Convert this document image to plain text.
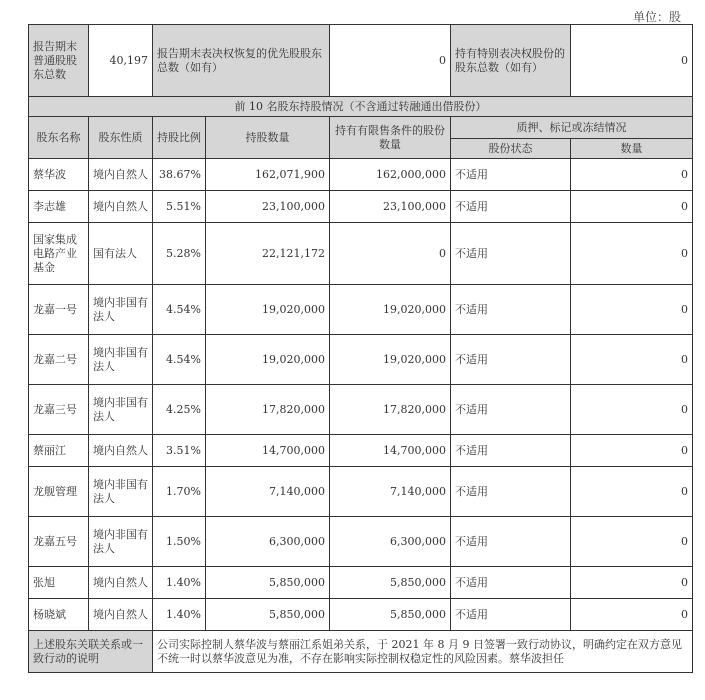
单位：股
报告期末普通股股东总数	40,197	报告期末表决权恢复的优先股股东总数（如有）		0	持有特别表决权股份的股东总数（如有）	0
前 10 名股东持股情况（不含通过转融通出借股份）						
股东名称	股东性质	持股比例	持股数量	持有有限售条件的股份数量	质押、标记或冻结情况	
					股份状态	数量
蔡华波	境内自然人	38.67%	162,071,900	162,000,000	不适用	0
李志雄	境内自然人	5.51%	23,100,000	23,100,000	不适用	0
国家集成电路产业基金	国有法人	5.28%	22,121,172	0	不适用	0
龙嘉一号	境内非国有法人	4.54%	19,020,000	19,020,000	不适用	0
龙嘉二号	境内非国有法人	4.54%	19,020,000	19,020,000	不适用	0
龙嘉三号	境内非国有法人	4.25%	17,820,000	17,820,000	不适用	0
蔡丽江	境内自然人	3.51%	14,700,000	14,700,000	不适用	0
龙舰管理	境内非国有法人	1.70%	7,140,000	7,140,000	不适用	0
龙嘉五号	境内非国有法人	1.50%	6,300,000	6,300,000	不适用	0
张旭	境内自然人	1.40%	5,850,000	5,850,000	不适用	0
杨晓斌	境内自然人	1.40%	5,850,000	5,850,000	不适用	0
上述股东关联关系或一致行动的说明		公司实际控制人蔡华波与蔡丽江系姐弟关系，于 2021 年 8 月 9 日签署一致行动协议，明确约定在双方意见不统一时以蔡华波意见为准，不存在影响实际控制权稳定性的风险因素。蔡华波担任				
